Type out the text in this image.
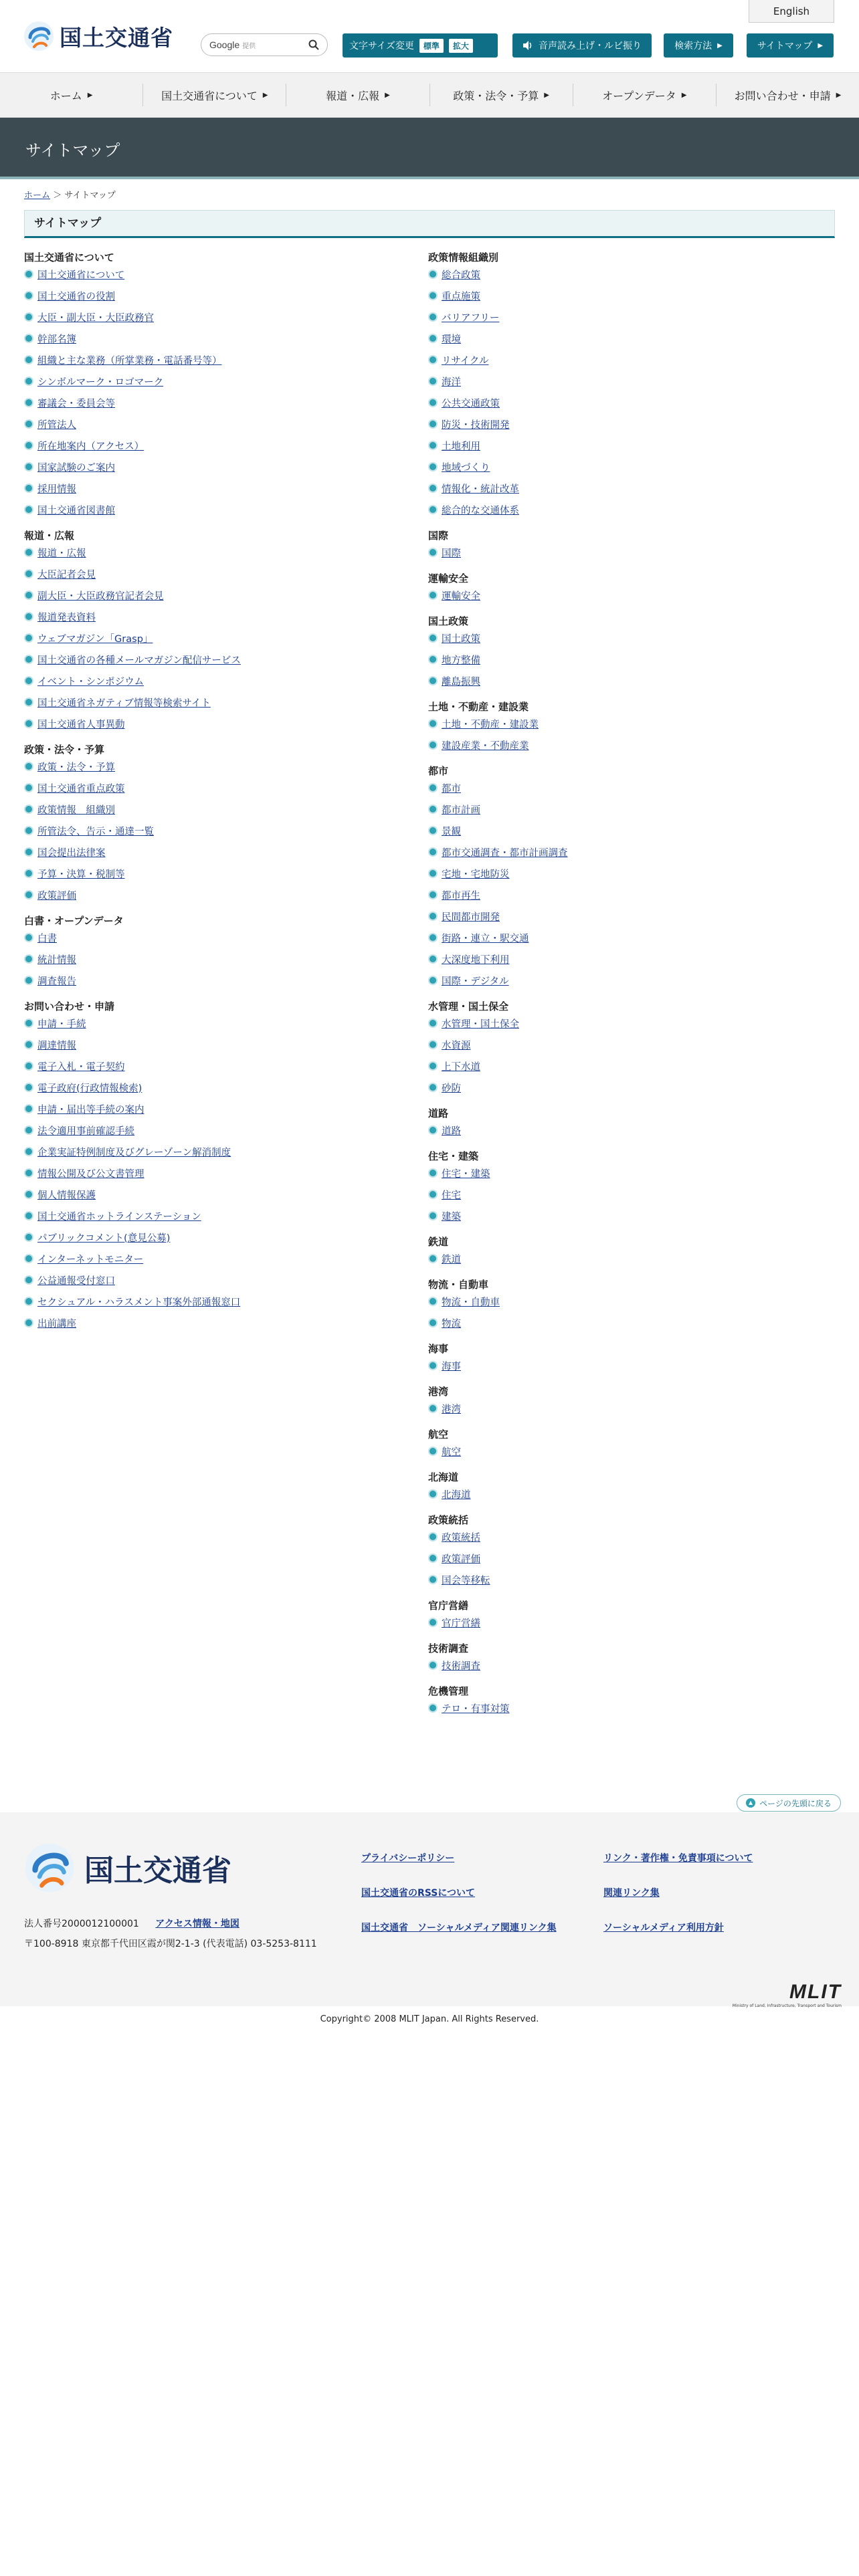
English
国土交通省	Google 提供	文字サイズ変更	標準	拡大	音声読み上げ・ルビ振り	検索方法 ▶	サイトマップ ▶
ホーム ▶	国土交通省について ▶	報道・広報 ▶	政策・法令・予算 ▶	オープンデータ ▶	お問い合わせ・申請 ▶
サイトマップ
ホーム ＞ サイトマップ
サイトマップ
国土交通省について
国土交通省について
国土交通省の役割
大臣・副大臣・大臣政務官
幹部名簿
組織と主な業務（所掌業務・電話番号等）
シンボルマーク・ロゴマーク
審議会・委員会等
所管法人
所在地案内（アクセス）
国家試験のご案内
採用情報
国土交通省図書館
報道・広報
報道・広報
大臣記者会見
副大臣・大臣政務官記者会見
報道発表資料
ウェブマガジン「Grasp」
国土交通省の各種メールマガジン配信サービス
イベント・シンポジウム
国土交通省ネガティブ情報等検索サイト
国土交通省人事異動
政策・法令・予算
政策・法令・予算
国土交通省重点政策
政策情報　組織別
所管法令、告示・通達一覧
国会提出法律案
予算・決算・税制等
政策評価
白書・オープンデータ
白書
統計情報
調査報告
お問い合わせ・申請
申請・手続
調達情報
電子入札・電子契約
電子政府(行政情報検索)
申請・届出等手続の案内
法令適用事前確認手続
企業実証特例制度及びグレーゾーン解消制度
情報公開及び公文書管理
個人情報保護
国土交通省ホットラインステーション
パブリックコメント(意見公募)
インターネットモニター
公益通報受付窓口
セクシュアル・ハラスメント事案外部通報窓口
出前講座
政策情報組織別
総合政策
重点施策
バリアフリー
環境
リサイクル
海洋
公共交通政策
防災・技術開発
土地利用
地域づくり
情報化・統計改革
総合的な交通体系
国際
国際
運輸安全
運輸安全
国土政策
国土政策
地方整備
離島振興
土地・不動産・建設業
土地・不動産・建設業
建設産業・不動産業
都市
都市
都市計画
景観
都市交通調査・都市計画調査
宅地・宅地防災
都市再生
民間都市開発
街路・連立・駅交通
大深度地下利用
国際・デジタル
水管理・国土保全
水管理・国土保全
水資源
上下水道
砂防
道路
道路
住宅・建築
住宅・建築
住宅
建築
鉄道
鉄道
物流・自動車
物流・自動車
物流
海事
海事
港湾
港湾
航空
航空
北海道
北海道
政策統括
政策統括
政策評価
国会等移転
官庁営繕
官庁営繕
技術調査
技術調査
危機管理
テロ・有事対策
▲ ページの先頭に戻る
国土交通省
法人番号2000012100001 アクセス情報・地図
〒100-8918 東京都千代田区霞が関2-1-3 (代表電話) 03-5253-8111
プライバシーポリシー	リンク・著作権・免責事項について
国土交通省のRSSについて	関連リンク集
国土交通省　ソーシャルメディア関連リンク集	ソーシャルメディア利用方針
MLIT
Ministry of Land, Infrastructure, Transport and Tourism
Copyright© 2008 MLIT Japan. All Rights Reserved.
